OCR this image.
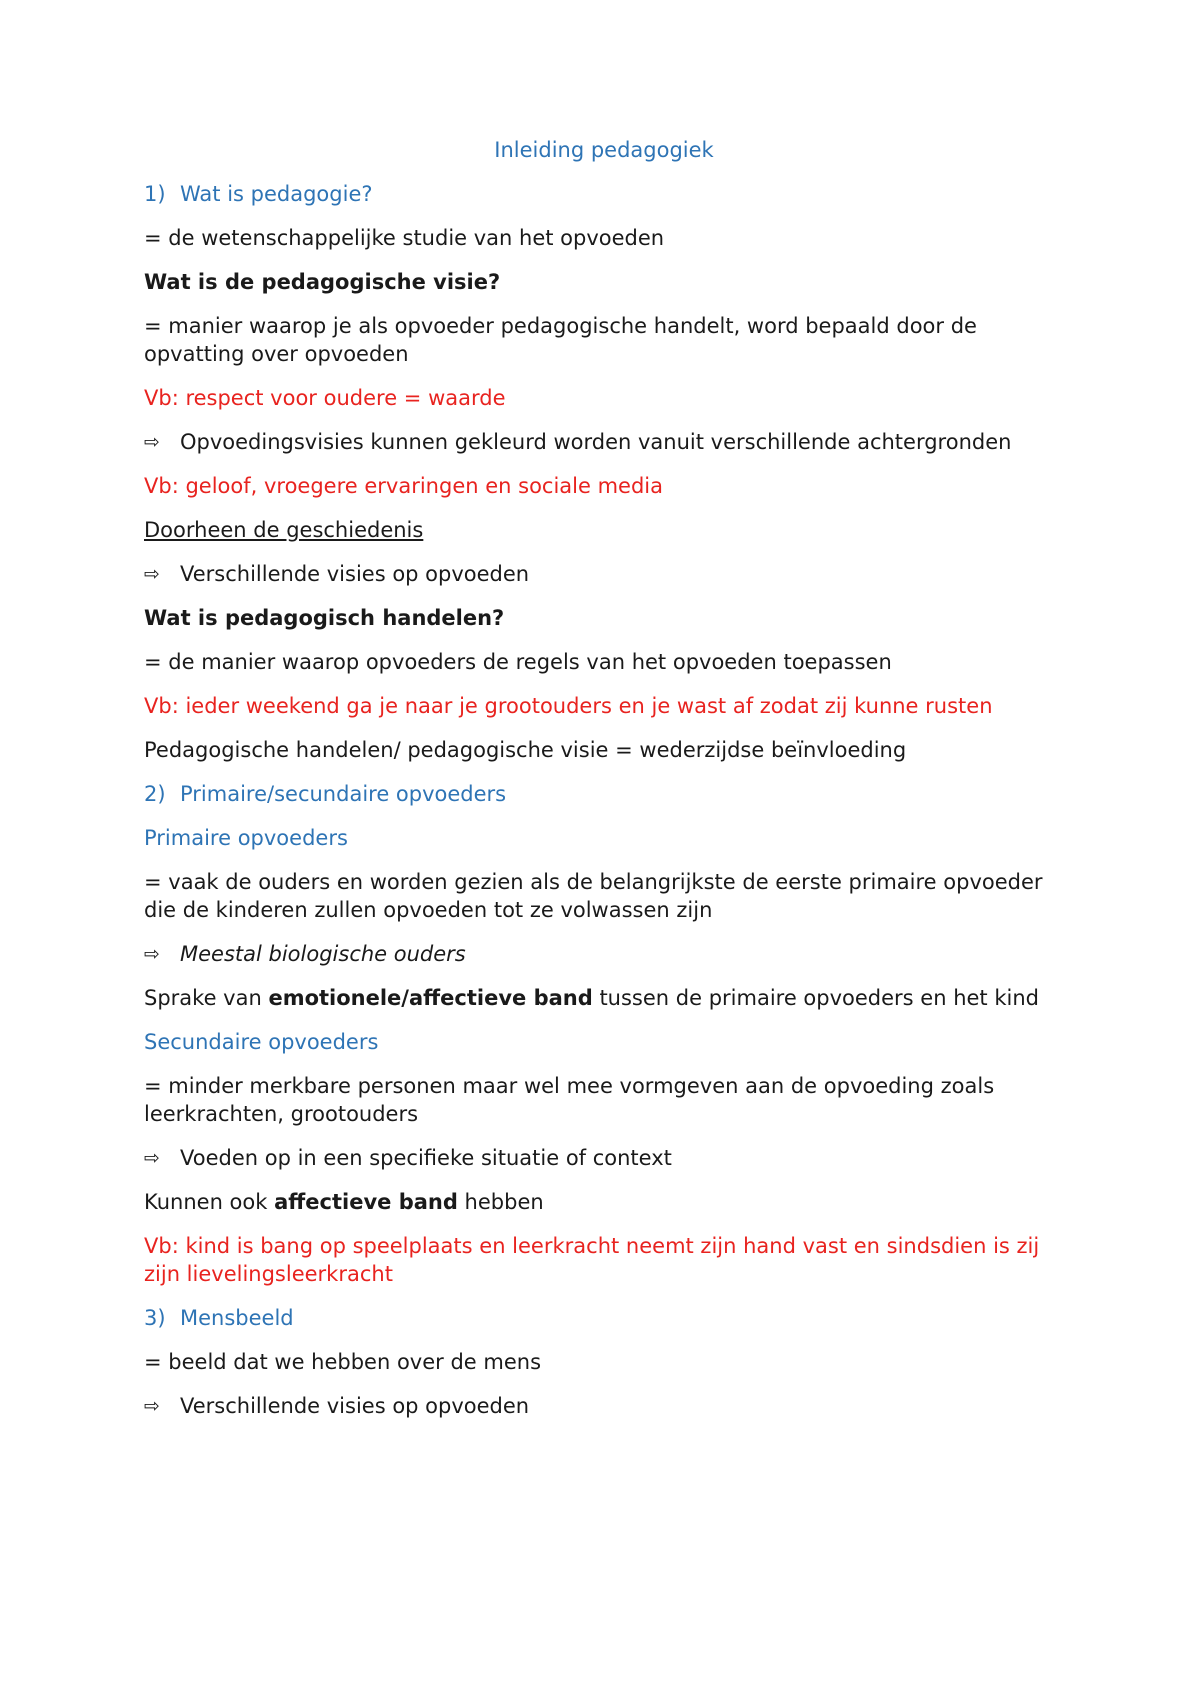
Inleiding pedagogiek

1) Wat is pedagogie?

= de wetenschappelijke studie van het opvoeden

Wat is de pedagogische visie?

= manier waarop je als opvoeder pedagogische handelt, word bepaald door de opvatting over opvoeden

Vb: respect voor oudere = waarde

⇨ Opvoedingsvisies kunnen gekleurd worden vanuit verschillende achtergronden

Vb: geloof, vroegere ervaringen en sociale media

Doorheen de geschiedenis

⇨ Verschillende visies op opvoeden

Wat is pedagogisch handelen?

= de manier waarop opvoeders de regels van het opvoeden toepassen

Vb: ieder weekend ga je naar je grootouders en je wast af zodat zij kunne rusten

Pedagogische handelen/ pedagogische visie = wederzijdse beïnvloeding

2) Primaire/secundaire opvoeders

Primaire opvoeders

= vaak de ouders en worden gezien als de belangrijkste de eerste primaire opvoeder die de kinderen zullen opvoeden tot ze volwassen zijn

⇨ Meestal biologische ouders

Sprake van emotionele/affectieve band tussen de primaire opvoeders en het kind

Secundaire opvoeders

= minder merkbare personen maar wel mee vormgeven aan de opvoeding zoals leerkrachten, grootouders

⇨ Voeden op in een specifieke situatie of context

Kunnen ook affectieve band hebben

Vb: kind is bang op speelplaats en leerkracht neemt zijn hand vast en sindsdien is zij zijn lievelingsleerkracht

3) Mensbeeld

= beeld dat we hebben over de mens

⇨ Verschillende visies op opvoeden
